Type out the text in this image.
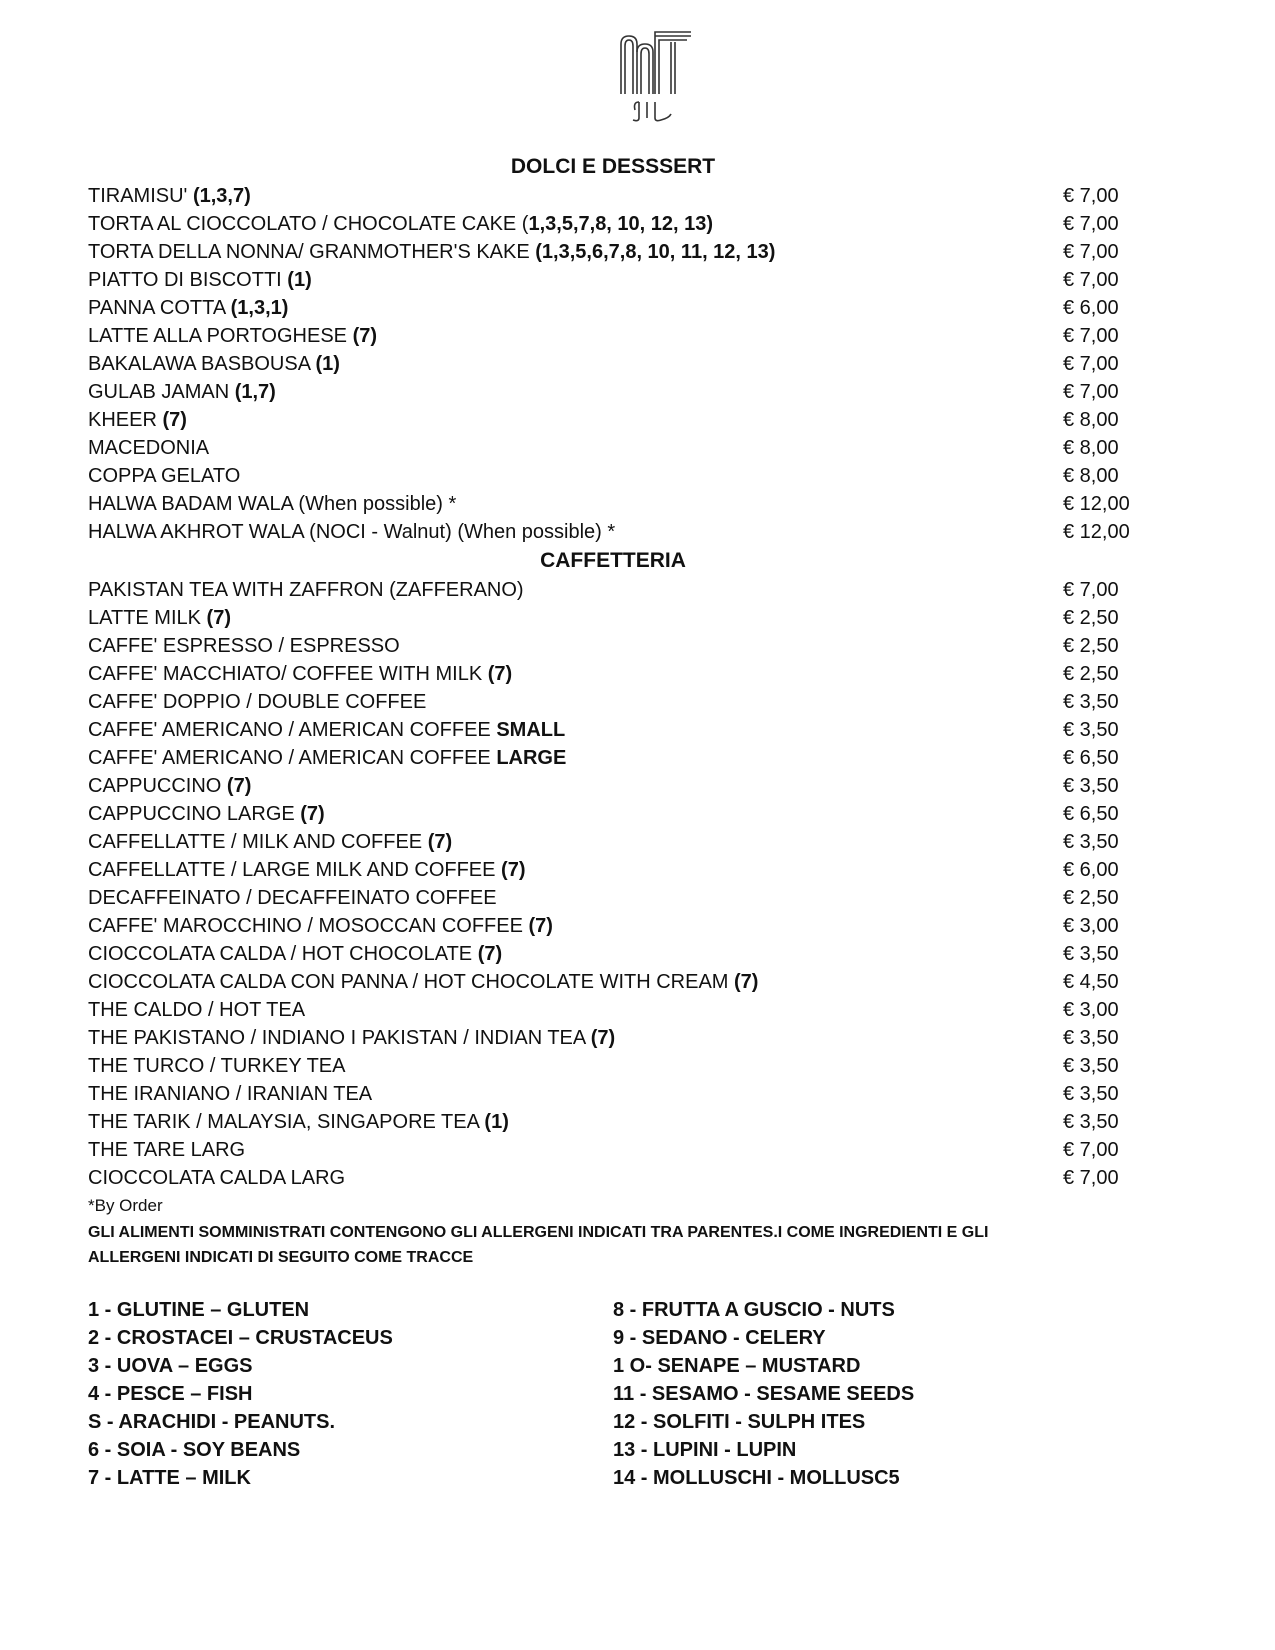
DOLCI E DESSSERT
TIRAMISU' (1,3,7)	€ 7,00
TORTA AL CIOCCOLATO / CHOCOLATE CAKE (1,3,5,7,8, 10, 12, 13)	€ 7,00
TORTA DELLA NONNA/ GRANMOTHER'S KAKE (1,3,5,6,7,8, 10, 11, 12, 13)	€ 7,00
PIATTO DI BISCOTTI (1)	€ 7,00
PANNA COTTA (1,3,1)	€ 6,00
LATTE ALLA PORTOGHESE (7)	€ 7,00
BAKALAWA BASBOUSA (1)	€ 7,00
GULAB JAMAN (1,7)	€ 7,00
KHEER (7)	€ 8,00
MACEDONIA	€ 8,00
COPPA GELATO	€ 8,00
HALWA BADAM WALA (When possible) *	€ 12,00
HALWA AKHROT WALA (NOCI - Walnut) (When possible) *	€ 12,00
CAFFETTERIA
PAKISTAN TEA WITH ZAFFRON (ZAFFERANO)	€ 7,00
LATTE MILK (7)	€ 2,50
CAFFE' ESPRESSO / ESPRESSO	€ 2,50
CAFFE' MACCHIATO/ COFFEE WITH MILK (7)	€ 2,50
CAFFE' DOPPIO / DOUBLE COFFEE	€ 3,50
CAFFE' AMERICANO / AMERICAN COFFEE SMALL	€ 3,50
CAFFE' AMERICANO / AMERICAN COFFEE LARGE	€ 6,50
CAPPUCCINO (7)	€ 3,50
CAPPUCCINO LARGE (7)	€ 6,50
CAFFELLATTE / MILK AND COFFEE (7)	€ 3,50
CAFFELLATTE / LARGE MILK AND COFFEE (7)	€ 6,00
DECAFFEINATO / DECAFFEINATO COFFEE	€ 2,50
CAFFE' MAROCCHINO / MOSOCCAN COFFEE (7)	€ 3,00
CIOCCOLATA CALDA / HOT CHOCOLATE (7)	€ 3,50
CIOCCOLATA CALDA CON PANNA / HOT CHOCOLATE WITH CREAM (7)	€ 4,50
THE CALDO / HOT TEA	€ 3,00
THE PAKISTANO / INDIANO I PAKISTAN / INDIAN TEA (7)	€ 3,50
THE TURCO / TURKEY TEA	€ 3,50
THE IRANIANO / IRANIAN TEA	€ 3,50
THE TARIK / MALAYSIA, SINGAPORE TEA (1)	€ 3,50
THE TARE LARG	€ 7,00
CIOCCOLATA CALDA LARG	€ 7,00
*By Order
GLI ALIMENTI SOMMINISTRATI CONTENGONO GLI ALLERGENI INDICATI TRA PARENTES.I COME INGREDIENTI E GLI ALLERGENI INDICATI DI SEGUITO COME TRACCE
1 - GLUTINE – GLUTEN
2 - CROSTACEI – CRUSTACEUS
3 - UOVA – EGGS
4 - PESCE – FISH
S - ARACHIDI - PEANUTS.
6 - SOIA - SOY BEANS
7 - LATTE – MILK
8 - FRUTTA A GUSCIO - NUTS
9 - SEDANO - CELERY
1 O- SENAPE – MUSTARD
11 - SESAMO - SESAME SEEDS
12 - SOLFITI - SULPH ITES
13 - LUPINI - LUPIN
14 - MOLLUSCHI - MOLLUSC5
